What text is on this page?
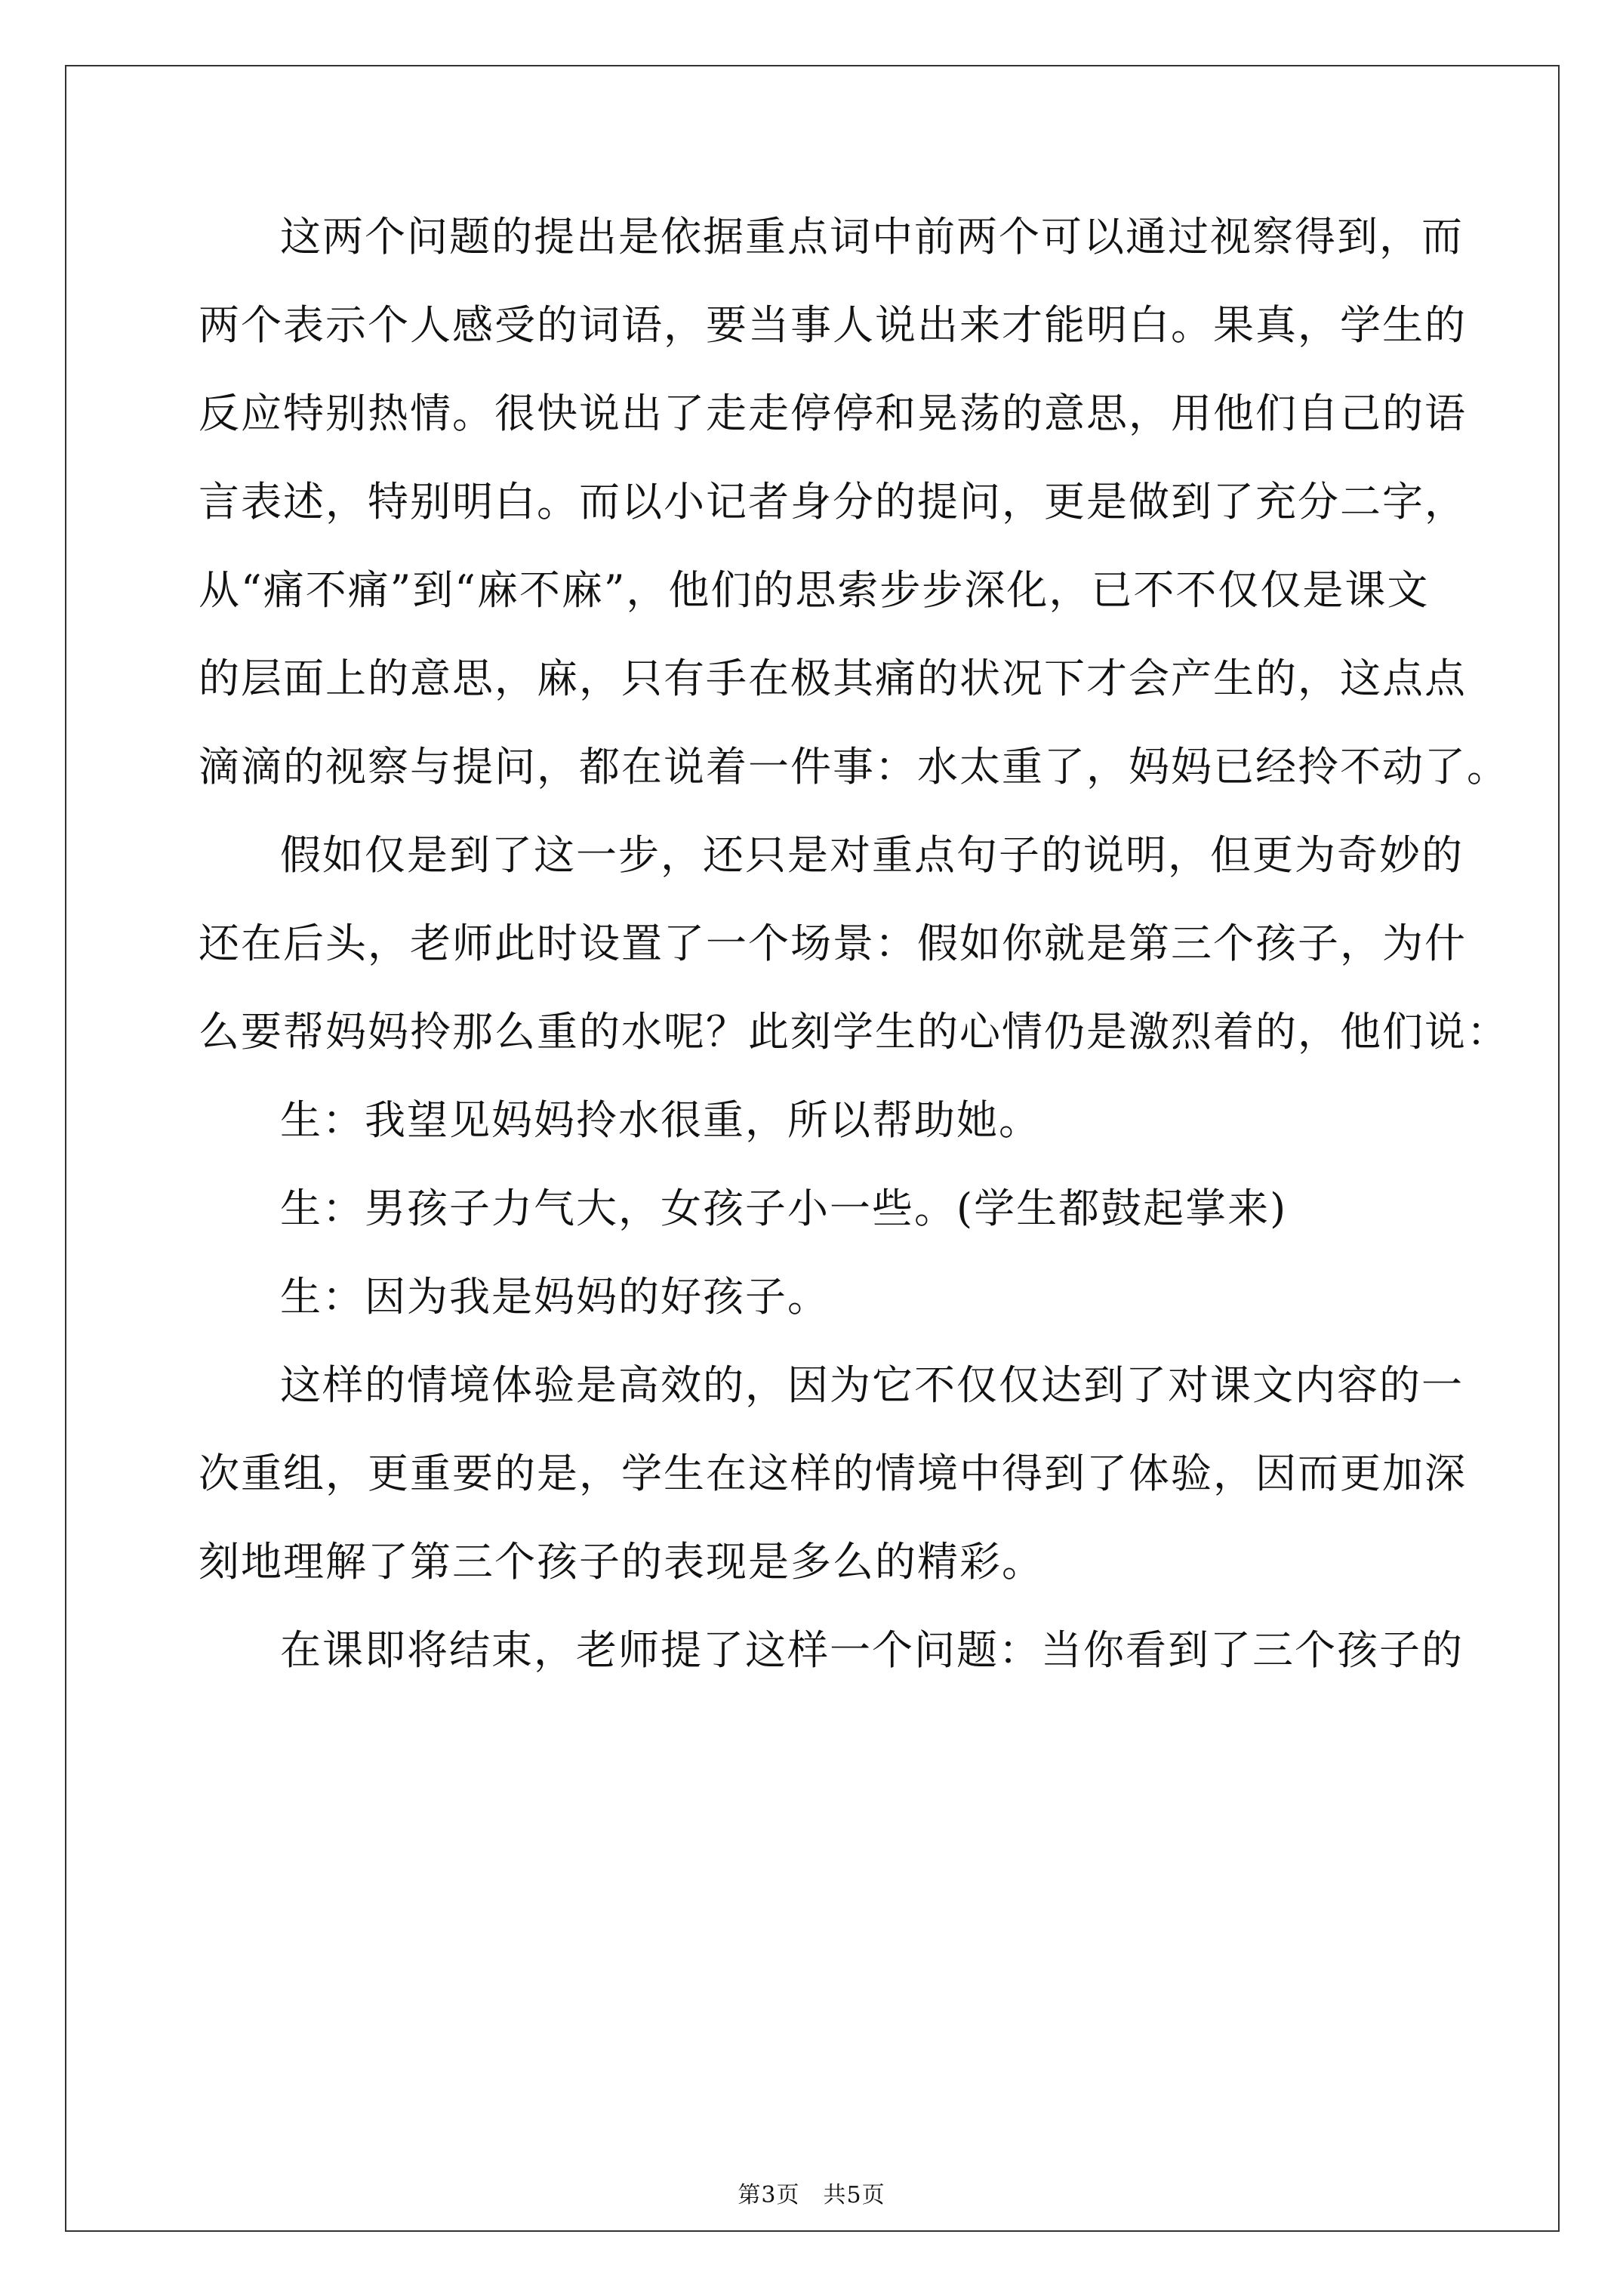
这两个问题的提出是依据重点词中前两个可以通过视察得到，而
两个表示个人感受的词语，要当事人说出来才能明白。果真，学生的
反应特别热情。很快说出了走走停停和晃荡的意思，用他们自己的语
言表述，特别明白。而以小记者身分的提问，更是做到了充分二字，
从“痛不痛”到“麻不麻”，他们的思索步步深化，已不不仅仅是课文
的层面上的意思，麻，只有手在极其痛的状况下才会产生的，这点点
滴滴的视察与提问，都在说着一件事：水太重了，妈妈已经拎不动了。
假如仅是到了这一步，还只是对重点句子的说明，但更为奇妙的
还在后头，老师此时设置了一个场景：假如你就是第三个孩子，为什
么要帮妈妈拎那么重的水呢？此刻学生的心情仍是激烈着的，他们说：
生：我望见妈妈拎水很重，所以帮助她。
生：男孩子力气大，女孩子小一些。(学生都鼓起掌来)
生：因为我是妈妈的好孩子。
这样的情境体验是高效的，因为它不仅仅达到了对课文内容的一
次重组，更重要的是，学生在这样的情境中得到了体验，因而更加深
刻地理解了第三个孩子的表现是多么的精彩。
在课即将结束，老师提了这样一个问题：当你看到了三个孩子的
第3页　共5页
